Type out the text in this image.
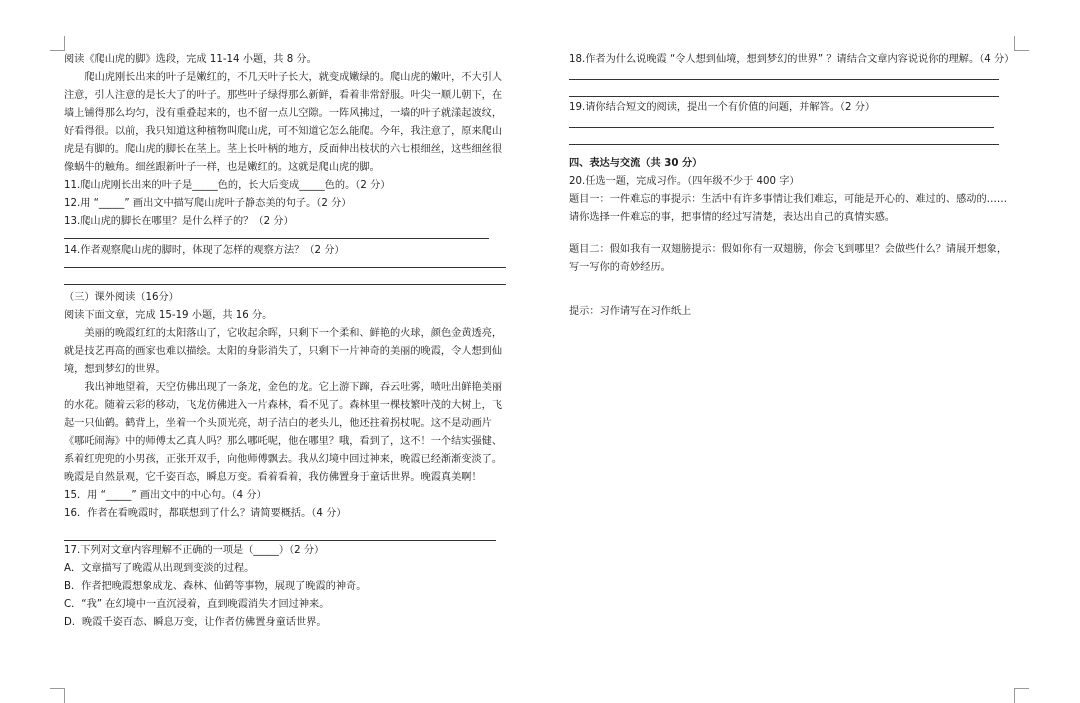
阅读《爬山虎的脚》选段，完成 11-14 小题，共 8 分。

爬山虎刚长出来的叶子是嫩红的，不几天叶子长大，就变成嫩绿的。爬山虎的嫩叶，不大引人注意，引人注意的是长大了的叶子。那些叶子绿得那么新鲜，看着非常舒服。叶尖一顺儿朝下，在墙上铺得那么均匀，没有重叠起来的，也不留一点儿空隙。一阵风拂过，一墙的叶子就漾起波纹，好看得很。以前，我只知道这种植物叫爬山虎，可不知道它怎么能爬。今年，我注意了，原来爬山虎是有脚的。爬山虎的脚长在茎上。茎上长叶柄的地方，反面伸出枝状的六七根细丝，这些细丝很像蜗牛的触角。细丝跟新叶子一样，也是嫩红的。这就是爬山虎的脚。

11.爬山虎刚长出来的叶子是_____色的，长大后变成_____色的。（2 分）

12.用 “_____” 画出文中描写爬山虎叶子静态美的句子。（2 分）

13.爬山虎的脚长在哪里？是什么样子的？（2 分）

14.作者观察爬山虎的脚时，体现了怎样的观察方法？（2 分）

（三）课外阅读（16分）

阅读下面文章，完成 15-19 小题，共 16 分。

美丽的晚霞红红的太阳落山了，它收起余晖，只剩下一个柔和、鲜艳的火球，颜色金黄透亮，就是技艺再高的画家也难以描绘。太阳的身影消失了，只剩下一片神奇的美丽的晚霞，令人想到仙境，想到梦幻的世界。

我出神地望着，天空仿佛出现了一条龙，金色的龙。它上游下蹿，吞云吐雾，喷吐出鲜艳美丽的水花。随着云彩的移动，飞龙仿佛进入一片森林，看不见了。森林里一棵枝繁叶茂的大树上，飞起一只仙鹤。鹤背上，坐着一个头顶光亮，胡子洁白的老头儿，他还拄着拐杖呢。这不是动画片《哪吒闹海》中的师傅太乙真人吗？那么哪吒呢，他在哪里？哦，看到了，这不！一个结实强健、系着红兜兜的小男孩，正张开双手，向他师傅飘去。我从幻境中回过神来，晚霞已经渐渐变淡了。晚霞是自然景观，它千姿百态，瞬息万变。看着看着，我仿佛置身于童话世界。晚霞真美啊！

15．用 “_____” 画出文中的中心句。（4 分）

16．作者在看晚霞时，都联想到了什么？请简要概括。（4 分）

17.下列对文章内容理解不正确的一项是（_____）（2 分）

A．文章描写了晚霞从出现到变淡的过程。

B．作者把晚霞想象成龙、森林、仙鹤等事物，展现了晚霞的神奇。

C．“我” 在幻境中一直沉浸着，直到晚霞消失才回过神来。

D．晚霞千姿百态、瞬息万变，让作者仿佛置身童话世界。

18.作者为什么说晚霞 “令人想到仙境，想到梦幻的世界” ？请结合文章内容说说你的理解。（4 分）

19.请你结合短文的阅读，提出一个有价值的问题，并解答。（2 分）

四、表达与交流（共 30 分）

20.任选一题，完成习作。（四年级不少于 400 字）

题目一：一件难忘的事提示：生活中有许多事情让我们难忘，可能是开心的、难过的、感动的…… 请你选择一件难忘的事，把事情的经过写清楚，表达出自己的真情实感。

题目二：假如我有一双翅膀提示：假如你有一双翅膀，你会飞到哪里？会做些什么？请展开想象，写一写你的奇妙经历。

提示：习作请写在习作纸上
